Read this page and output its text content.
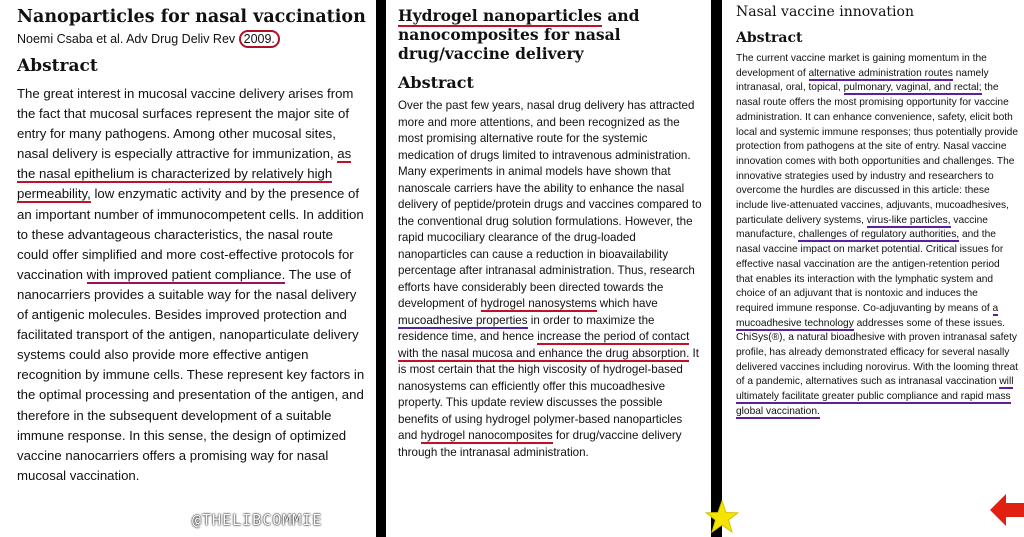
Nanoparticles for nasal vaccination
Noemi Csaba et al. Adv Drug Deliv Rev 2009.
Abstract

The great interest in mucosal vaccine delivery arises from the fact that mucosal surfaces represent the major site of entry for many pathogens. Among other mucosal sites, nasal delivery is especially attractive for immunization, as the nasal epithelium is characterized by relatively high permeability, low enzymatic activity and by the presence of an important number of immunocompetent cells. In addition to these advantageous characteristics, the nasal route could offer simplified and more cost-effective protocols for vaccination with improved patient compliance. The use of nanocarriers provides a suitable way for the nasal delivery of antigenic molecules. Besides improved protection and facilitated transport of the antigen, nanoparticulate delivery systems could also provide more effective antigen recognition by immune cells. These represent key factors in the optimal processing and presentation of the antigen, and therefore in the subsequent development of a suitable immune response. In this sense, the design of optimized vaccine nanocarriers offers a promising way for nasal mucosal vaccination.

@THELIBCOMMIE
Hydrogel nanoparticles and nanocomposites for nasal drug/vaccine delivery
Abstract

Over the past few years, nasal drug delivery has attracted more and more attentions, and been recognized as the most promising alternative route for the systemic medication of drugs limited to intravenous administration. Many experiments in animal models have shown that nanoscale carriers have the ability to enhance the nasal delivery of peptide/protein drugs and vaccines compared to the conventional drug solution formulations. However, the rapid mucociliary clearance of the drug-loaded nanoparticles can cause a reduction in bioavailability percentage after intranasal administration. Thus, research efforts have considerably been directed towards the development of hydrogel nanosystems which have mucoadhesive properties in order to maximize the residence time, and hence increase the period of contact with the nasal mucosa and enhance the drug absorption. It is most certain that the high viscosity of hydrogel-based nanosystems can efficiently offer this mucoadhesive property. This update review discusses the possible benefits of using hydrogel polymer-based nanoparticles and hydrogel nanocomposites for drug/vaccine delivery through the intranasal administration.

Nasal vaccine innovation
Abstract

The current vaccine market is gaining momentum in the development of alternative administration routes namely intranasal, oral, topical, pulmonary, vaginal, and rectal; the nasal route offers the most promising opportunity for vaccine administration. It can enhance convenience, safety, elicit both local and systemic immune responses; thus potentially provide protection from pathogens at the site of entry. Nasal vaccine innovation comes with both opportunities and challenges. The innovative strategies used by industry and researchers to overcome the hurdles are discussed in this article: these include live-attenuated vaccines, adjuvants, mucoadhesives, particulate delivery systems, virus-like particles, vaccine manufacture, challenges of regulatory authorities, and the nasal vaccine impact on market potential. Critical issues for effective nasal vaccination are the antigen-retention period that enables its interaction with the lymphatic system and choice of an adjuvant that is nontoxic and induces the required immune response. Co-adjuvanting by means of a mucoadhesive technology addresses some of these issues. ChiSys(®), a natural bioadhesive with proven intranasal safety profile, has already demonstrated efficacy for several nasally delivered vaccines including norovirus. With the looming threat of a pandemic, alternatives such as intranasal vaccination will ultimately facilitate greater public compliance and rapid mass global vaccination.
